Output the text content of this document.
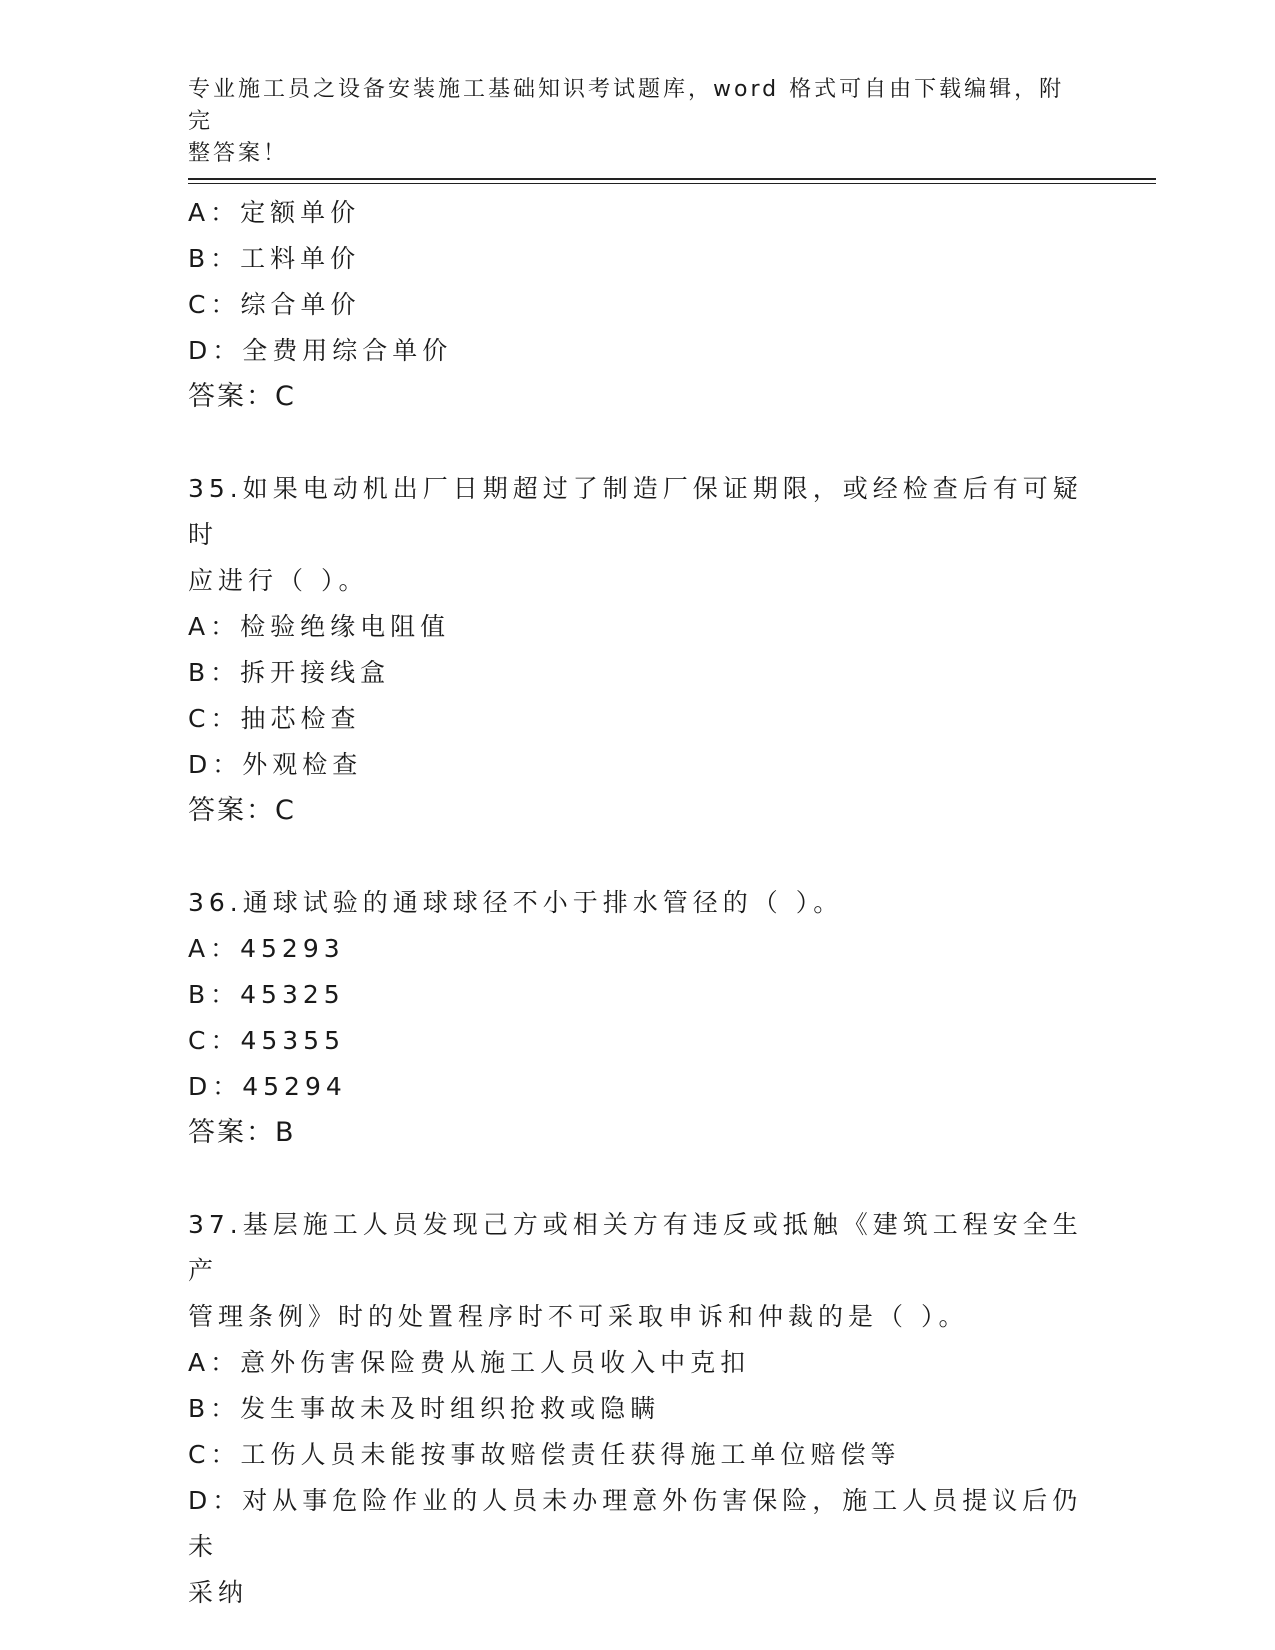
专业施工员之设备安装施工基础知识考试题库，word 格式可自由下载编辑，附完
整答案！
A：定额单价
B：工料单价
C：综合单价
D：全费用综合单价
答案：C
35.如果电动机出厂日期超过了制造厂保证期限，或经检查后有可疑时
应进行（ ）。
A：检验绝缘电阻值
B：拆开接线盒
C：抽芯检查
D：外观检查
答案：C
36.通球试验的通球球径不小于排水管径的（ ）。
A：45293
B：45325
C：45355
D：45294
答案：B
37.基层施工人员发现己方或相关方有违反或抵触《建筑工程安全生产
管理条例》时的处置程序时不可采取申诉和仲裁的是（ ）。
A：意外伤害保险费从施工人员收入中克扣
B：发生事故未及时组织抢救或隐瞒
C：工伤人员未能按事故赔偿责任获得施工单位赔偿等
D：对从事危险作业的人员未办理意外伤害保险，施工人员提议后仍未
采纳
